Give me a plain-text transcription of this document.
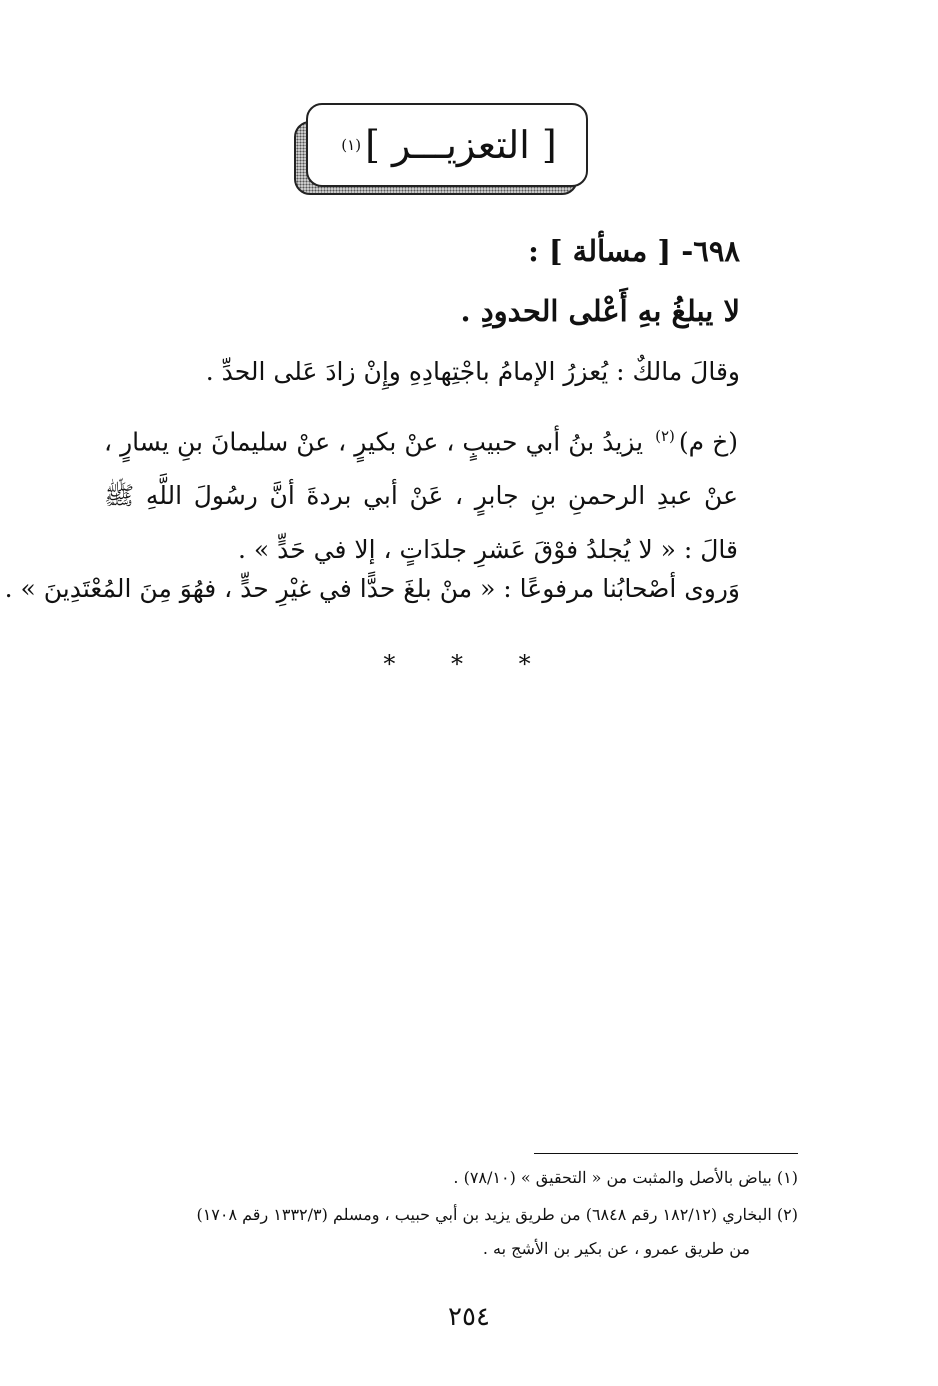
[ التعزيـــر ]
(١)
٦٩٨- [ مسألة ] :
لا يبلغُ بهِ أَعْلى الحدودِ .
وقالَ مالكٌ : يُعزرُ الإمامُ باجْتِهادِهِ وإِنْ زادَ عَلى الحدِّ .
(خ م)$^{(٢)}$ يزيدُ بنُ أبي حبيبٍ ، عنْ بكيرٍ ، عنْ سليمانَ بنِ يسارٍ ، عنْ عبدِ الرحمنِ بنِ جابرٍ ، عَنْ أبي بردةَ أنَّ رسُولَ اللَّهِ ﷺ قالَ : « لا يُجلدُ فوْقَ عَشرِ جلدَاتٍ ، إلا في حَدٍّ » .
وَروى أصْحابُنا مرفوعًا : « منْ بلغَ حدًّا في غيْرِ حدٍّ ، فهُوَ مِنَ المُعْتَدِينَ » .
* * *
(١) بياض بالأصل والمثبت من « التحقيق » (٧٨/١٠) .
(٢) البخاري (١٨٢/١٢ رقم ٦٨٤٨) من طريق يزيد بن أبي حبيب ، ومسلم (١٣٣٢/٣ رقم ١٧٠٨)
من طريق عمرو ، عن بكير بن الأشج به .
٢٥٤
